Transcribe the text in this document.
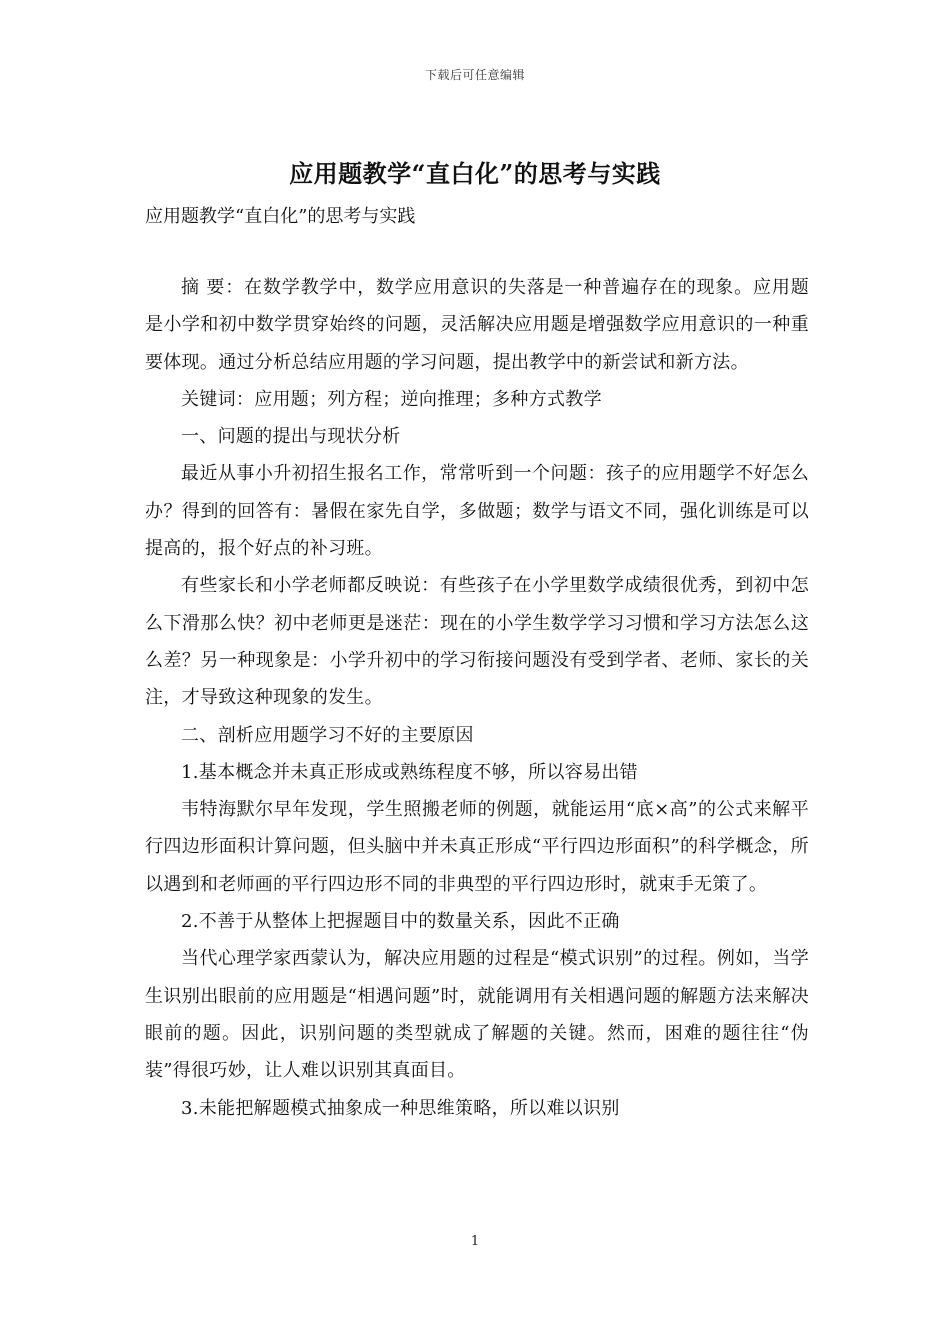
下载后可任意编辑
应用题教学“直白化”的思考与实践

应用题教学“直白化”的思考与实践

摘 要：在数学教学中，数学应用意识的失落是一种普遍存在的现象。应用题是小学和初中数学贯穿始终的问题，灵活解决应用题是增强数学应用意识的一种重要体现。通过分析总结应用题的学习问题，提出教学中的新尝试和新方法。

关键词：应用题；列方程；逆向推理；多种方式教学

一、问题的提出与现状分析

最近从事小升初招生报名工作，常常听到一个问题：孩子的应用题学不好怎么办？得到的回答有：暑假在家先自学，多做题；数学与语文不同，强化训练是可以提高的，报个好点的补习班。

有些家长和小学老师都反映说：有些孩子在小学里数学成绩很优秀，到初中怎么下滑那么快？初中老师更是迷茫：现在的小学生数学学习习惯和学习方法怎么这么差？另一种现象是：小学升初中的学习衔接问题没有受到学者、老师、家长的关注，才导致这种现象的发生。

二、剖析应用题学习不好的主要原因

1.基本概念并未真正形成或熟练程度不够，所以容易出错

韦特海默尔早年发现，学生照搬老师的例题，就能运用“底×高”的公式来解平行四边形面积计算问题，但头脑中并未真正形成“平行四边形面积”的科学概念，所以遇到和老师画的平行四边形不同的非典型的平行四边形时，就束手无策了。

2.不善于从整体上把握题目中的数量关系，因此不正确

当代心理学家西蒙认为，解决应用题的过程是“模式识别”的过程。例如，当学生识别出眼前的应用题是“相遇问题”时，就能调用有关相遇问题的解题方法来解决眼前的题。因此，识别问题的类型就成了解题的关键。然而，困难的题往往“伪装”得很巧妙，让人难以识别其真面目。

3.未能把解题模式抽象成一种思维策略，所以难以识别

1
